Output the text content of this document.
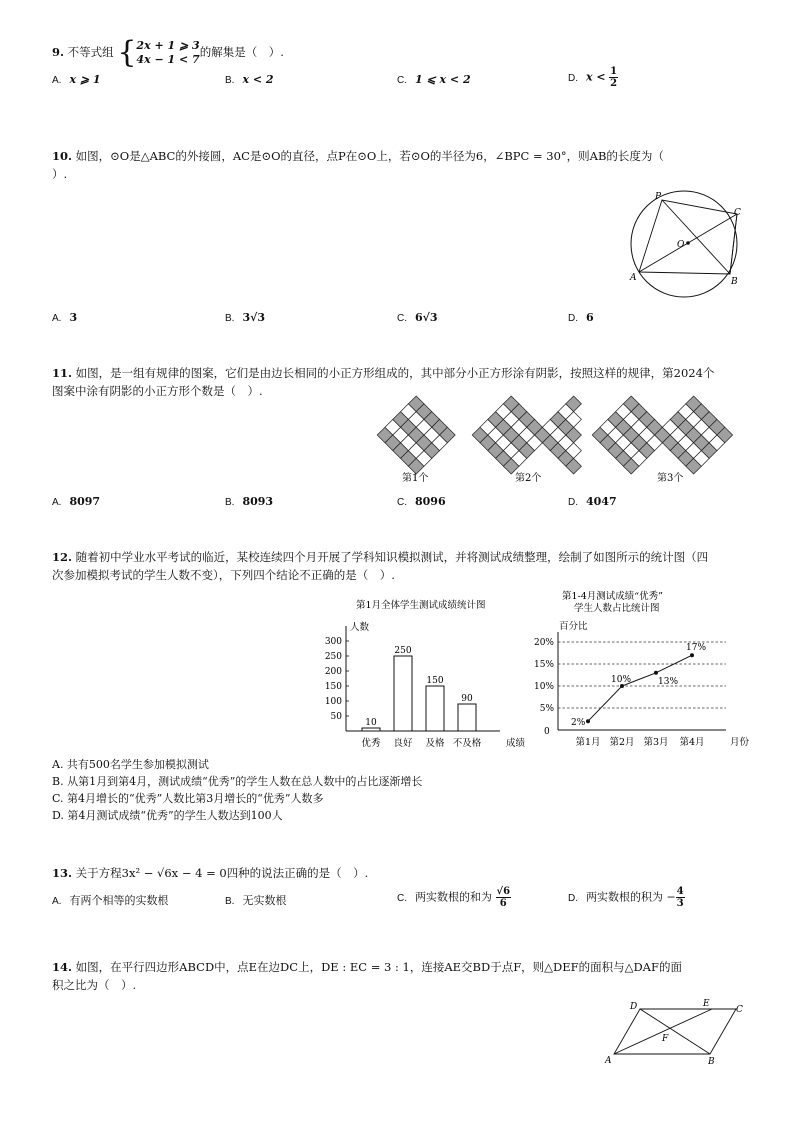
9. 不等式组 { 2x + 1 ⩾ 3
4x − 1 < 7
的解集是（　）.
A. x ⩾ 1	B. x < 2	C. 1 ⩽ x < 2	D. $x < \frac{1}{2}$
10. 如图，⊙O是△ABC的外接圆，AC是⊙O的直径，点P在⊙O上，若⊙O的半径为6，∠BPC = 30°，则AB的长度为（
）.
P
C
O
A	B
A. 3	B. 3√3	C. 6√3	D. 6
11. 如图，是一组有规律的图案，它们是由边长相同的小正方形组成的，其中部分小正方形涂有阴影，按照这样的规律，第2024个
图案中涂有阴影的小正方形个数是（　）.
第1个	第2个	第3个
A. 8097	B. 8093	C. 8096	D. 4047
12. 随着初中学业水平考试的临近，某校连续四个月开展了学科知识模拟测试，并将测试成绩整理，绘制了如图所示的统计图（四
次参加模拟考试的学生人数不变），下列四个结论不正确的是（　）.
第1月全体学生测试成绩统计图
人数
300
250
200
150
100
50
10
优秀
250
良好
150
及格
90
不及格	成绩
第1-4月测试成绩“优秀”
学生人数占比统计图
百分比
0
20%
15%
10%
5%
2%
第1月
10%
第2月
13%
第3月
17%
第4月	月份
A. 共有500名学生参加模拟测试
B. 从第1月到第4月，测试成绩“优秀”的学生人数在总人数中的占比逐渐增长
C. 第4月增长的“优秀”人数比第3月增长的“优秀”人数多
D. 第4月测试成绩“优秀”的学生人数达到100人
13. 关于方程3x² − √6x − 4 = 0四种的说法正确的是（　）.
A. 有两个相等的实数根	B. 无实数根	C. 两实数根的和为 $\frac{√6}{6}$	D. 两实数根的积为 − $\frac{4}{3}$
14. 如图，在平行四边形ABCD中，点E在边DC上，DE : EC = 3 : 1，连接AE交BD于点F，则△DEF的面积与△DAF的面
积之比为（　）.
D	E
C
F
A	B
